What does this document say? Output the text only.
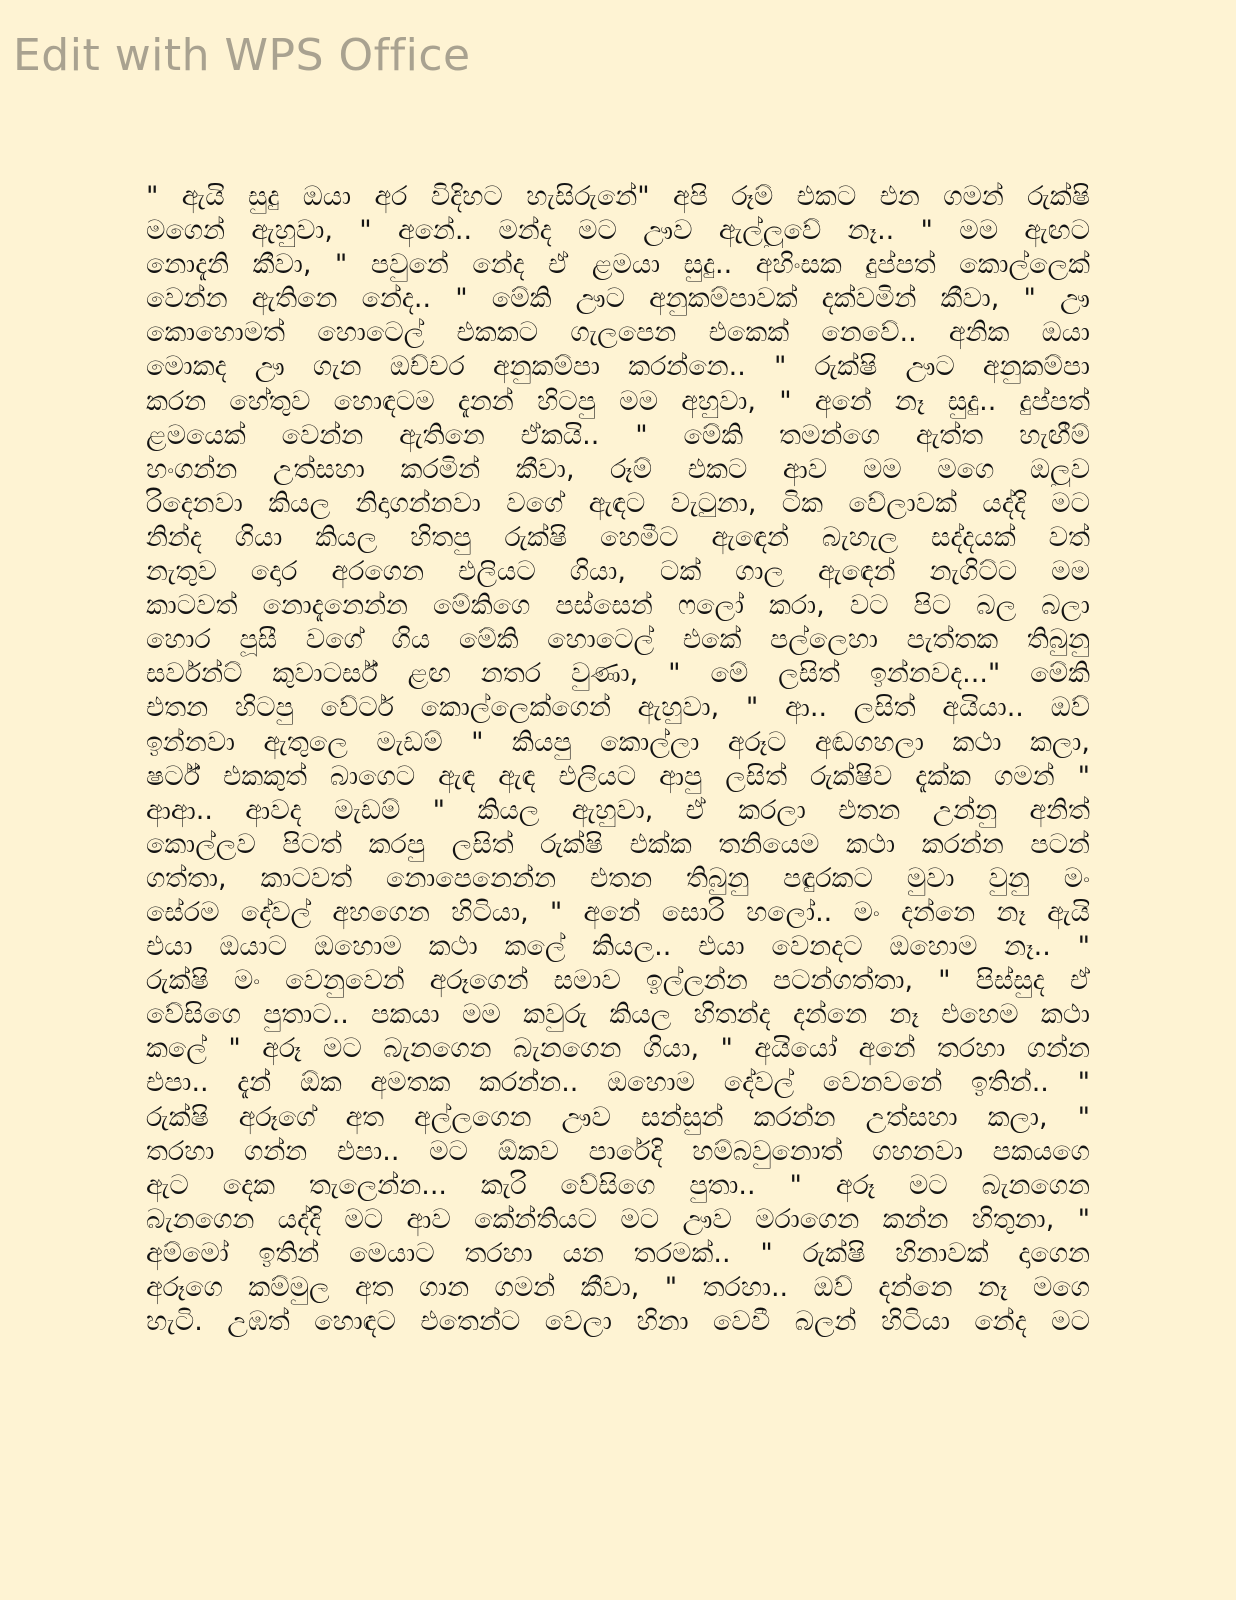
Edit with WPS Office
" ඇයි සුදු ඔයා අර විදිහට හැසිරුනේ" අපි රූම් එකට එන ගමන් රුක්ෂි
මගෙන් ඇහුවා, " අනේ.. මන්ද මට ඌව ඇල්ලුවේ නෑ.. " මම ඇඟට
නොදැනි කීවා, " පවුනේ නේද ඒ ළමයා සුදු.. අහිංසක දුප්පත් කොල්ලෙක්
වෙන්න ඇතිනෙ නේද.. " මේකි ඌට අනුකම්පාවක් දක්වමින් කීවා, " ඌ
කොහොමත් හොටෙල් එකකට ගැලපෙන එකෙක් නෙවේ.. අනික ඔයා
මොකද ඌ ගැන ඔච්චර අනුකම්පා කරන්නෙ.. " රුක්ෂි ඌට අනුකම්පා
කරන හේතුව හොඳටම දැනන් හිටපු මම අහුවා, " අනේ නෑ සුදු.. දුප්පත්
ළමයෙක් වෙන්න ඇතිනෙ ඒකයි.. " මේකි තමන්ගෙ ඇත්ත හැඟීම්
හංගන්න උත්සහා කරමින් කීවා, රූම් එකට ආව මම මගෙ ඔලුව
රිදෙනවා කියල නිදාගන්නවා වගේ ඇඳට වැටුනා, ටික වේලාවක් යද්දි මට
නින්ද ගියා කියල හිතපු රුක්ෂි හෙමීට ඇඳෙන් බැහැල සද්දයක් වත්
නැතුව දොර අරගෙන එලියට ගියා, ටක් ගාල ඇඳෙන් නැගිට්ට මම
කාටවත් නොදැනෙන්න මේකිගෙ පස්සෙන් ෆලෝ කරා, වට පිට බල බලා
හොර පූසී වගේ ගිය මේකි හොටෙල් එකේ පල්ලෙහා පැත්තක තිබුනු
සර්වන්ට් කුවාටර්ස් ළඟ නතර වුණා, " මේ ලසිත් ඉන්නවද..." මේකි
එතන හිටපු වේටර් කොල්ලෙක්ගෙන් ඇහුවා, " ආ.. ලසිත් අයියා.. ඔව්
ඉන්නවා ඇතුලෙ මැඩම් " කියපු කොල්ලා අරූට අඬගහලා කථා කලා,
ෂර්ට් එකකුත් බාගෙට ඇඳ ඇඳ එලියට ආපු ලසිත් රුක්ෂිව දැක්ක ගමන් "
ආආ.. ආවද මැඩම් " කියල ඇහුවා, ඒ කරලා එතන උන්නු අනිත්
කොල්ලව පිටත් කරපු ලසිත් රුක්ෂි එක්ක තනියෙම කථා කරන්න පටන්
ගත්තා, කාටවත් නොපෙනෙන්න එතන තිබුනු පඳුරකට මුවා වුනු මං
සේරම දේවල් අහගෙන හිටියා, " අනේ සොරි හලෝ.. මං දන්නෙ නෑ ඇයි
එයා ඔයාට ඔහොම කථා කලේ කියල.. එයා වෙනදට ඔහොම නෑ.. "
රුක්ෂි මං වෙනුවෙන් අරූගෙන් සමාව ඉල්ලන්න පටන්ගත්තා, " පිස්සුද ඒ
වේසිගෙ පුතාට.. පකයා මම කවුරු කියල හිතන්ද දන්නෙ නෑ එහෙම කථා
කලේ " අරූ මට බැනගෙන බැනගෙන ගියා, " අයියෝ අනේ තරහා ගන්න
එපා.. දැන් ඕක අමතක කරන්න.. ඔහොම දේවල් වෙනවනේ ඉතින්.. "
රුක්ෂි අරූගේ අත අල්ලගෙන ඌව සන්සුන් කරන්න උත්සහා කලා, "
තරහා ගන්න එපා.. මට ඕකව පාරේදි හම්බවුනොත් ගහනවා පකයගෙ
ඇට දෙක තැලෙන්න... කැරි වේසිගෙ පුතා.. " අරූ මට බැනගෙන
බැනගෙන යද්දි මට ආව කේන්තියට මට ඌව මරාගෙන කන්න හිතුනා, "
අම්මෝ ඉතින් මෙයාට තරහා යන තරමක්.. " රුක්ෂි හිනාවක් දාගෙන
අරූගෙ කම්මුල අත ගාන ගමන් කීවා, " තරහා.. ඔව් දන්නෙ නෑ මගෙ
හැටි. උඹත් හොඳට එතෙන්ට වෙලා හිනා වෙවී බලන් හිටියා නේද මට
